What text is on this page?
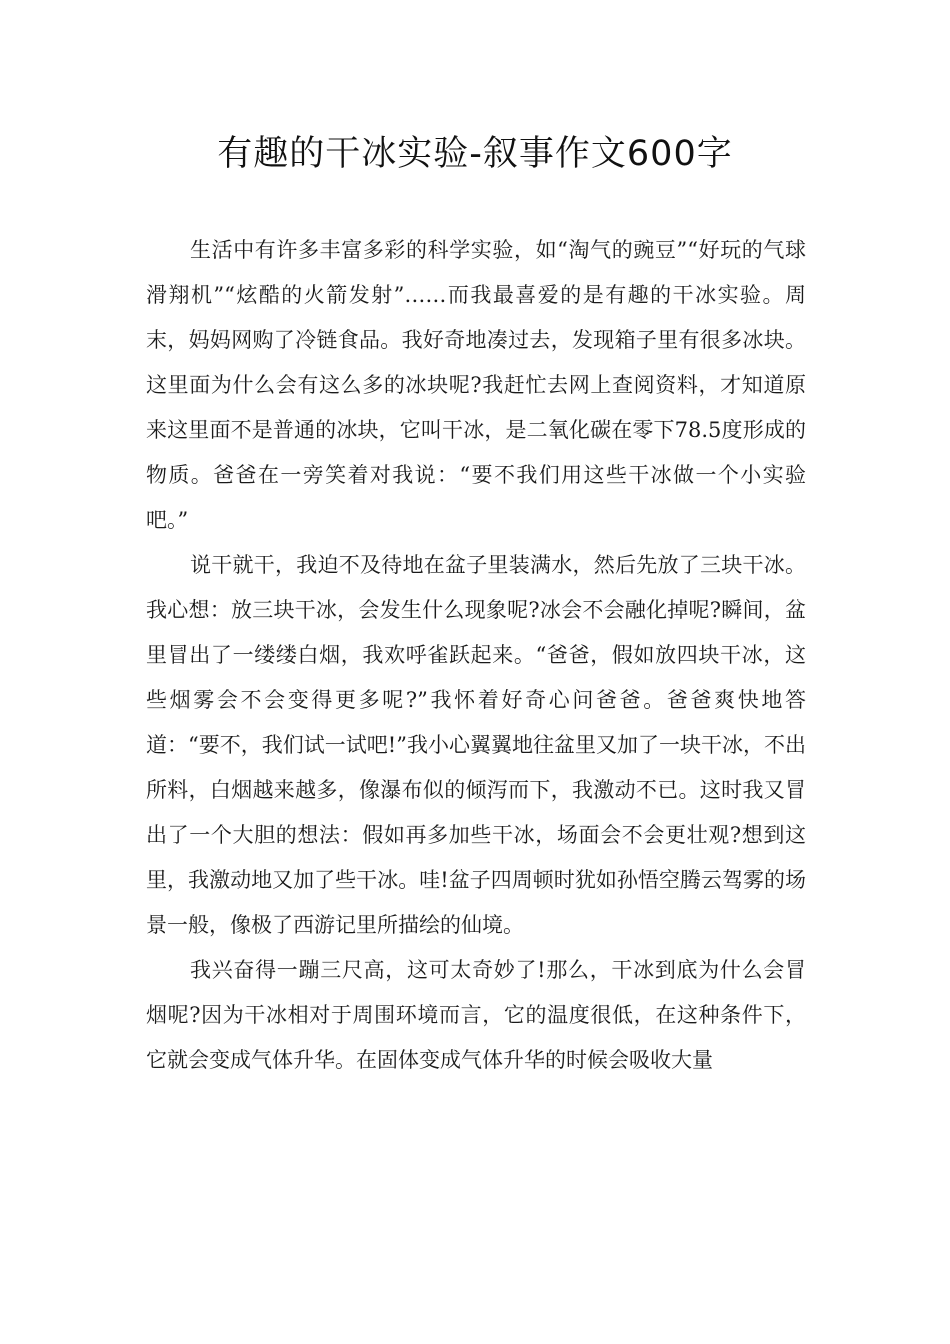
有趣的干冰实验-叙事作文600字

生活中有许多丰富多彩的科学实验，如“淘气的豌豆”“好玩的气球滑翔机”“炫酷的火箭发射”……而我最喜爱的是有趣的干冰实验。周末，妈妈网购了冷链食品。我好奇地凑过去，发现箱子里有很多冰块。这里面为什么会有这么多的冰块呢?我赶忙去网上查阅资料，才知道原来这里面不是普通的冰块，它叫干冰，是二氧化碳在零下78.5度形成的物质。爸爸在一旁笑着对我说：“要不我们用这些干冰做一个小实验吧。”

说干就干，我迫不及待地在盆子里装满水，然后先放了三块干冰。我心想：放三块干冰，会发生什么现象呢?冰会不会融化掉呢?瞬间，盆里冒出了一缕缕白烟，我欢呼雀跃起来。“爸爸，假如放四块干冰，这些烟雾会不会变得更多呢?”我怀着好奇心问爸爸。爸爸爽快地答道：“要不，我们试一试吧!”我小心翼翼地往盆里又加了一块干冰，不出所料，白烟越来越多，像瀑布似的倾泻而下，我激动不已。这时我又冒出了一个大胆的想法：假如再多加些干冰，场面会不会更壮观?想到这里，我激动地又加了些干冰。哇!盆子四周顿时犹如孙悟空腾云驾雾的场景一般，像极了西游记里所描绘的仙境。

我兴奋得一蹦三尺高，这可太奇妙了!那么，干冰到底为什么会冒烟呢?因为干冰相对于周围环境而言，它的温度很低，在这种条件下，它就会变成气体升华。在固体变成气体升华的时候会吸收大量
